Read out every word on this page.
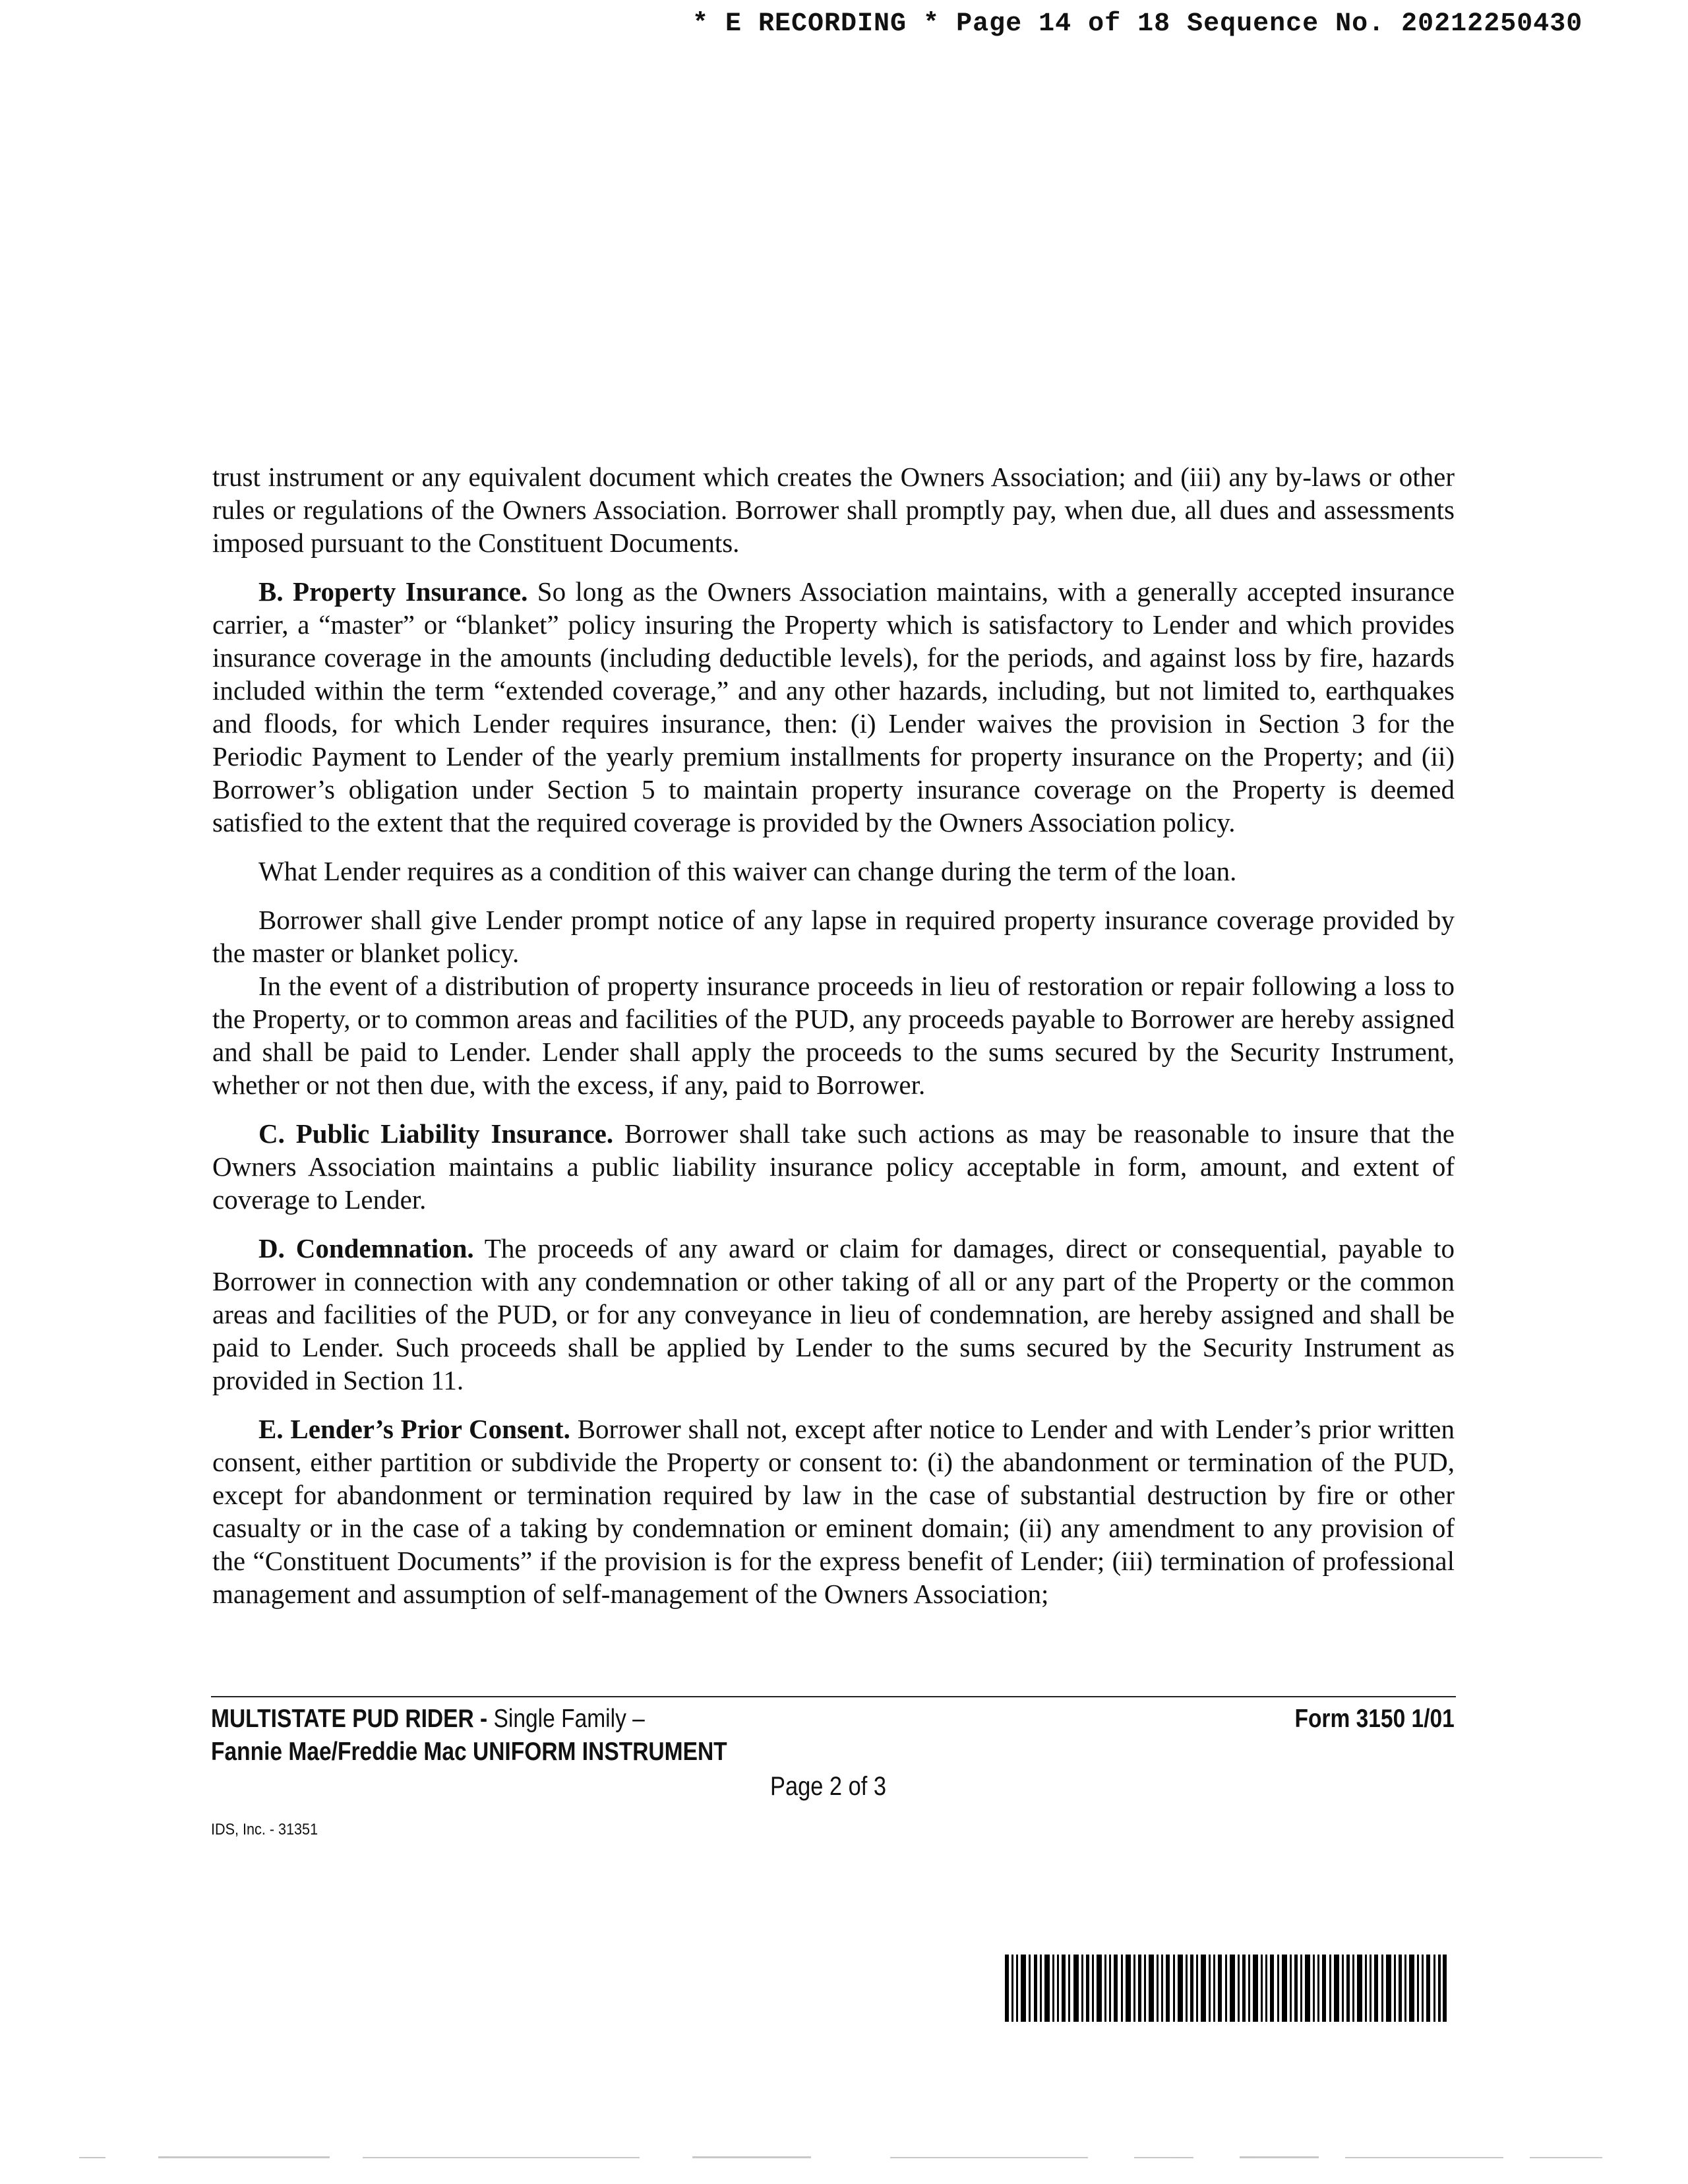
* E RECORDING * Page 14 of 18 Sequence No. 20212250430

trust instrument or any equivalent document which creates the Owners Association; and (iii) any by-laws or other rules or regulations of the Owners Association. Borrower shall promptly pay, when due, all dues and assessments imposed pursuant to the Constituent Documents.

B. Property Insurance. So long as the Owners Association maintains, with a generally accepted insurance carrier, a “master” or “blanket” policy insuring the Property which is satisfactory to Lender and which provides insurance coverage in the amounts (including deductible levels), for the periods, and against loss by fire, hazards included within the term “extended coverage,” and any other hazards, including, but not limited to, earthquakes and floods, for which Lender requires insurance, then: (i) Lender waives the provision in Section 3 for the Periodic Payment to Lender of the yearly premium installments for property insurance on the Property; and (ii) Borrower’s obligation under Section 5 to maintain property insurance coverage on the Property is deemed satisfied to the extent that the required coverage is provided by the Owners Association policy.

What Lender requires as a condition of this waiver can change during the term of the loan.

Borrower shall give Lender prompt notice of any lapse in required property insurance coverage provided by the master or blanket policy.

In the event of a distribution of property insurance proceeds in lieu of restoration or repair following a loss to the Property, or to common areas and facilities of the PUD, any proceeds payable to Borrower are hereby assigned and shall be paid to Lender. Lender shall apply the proceeds to the sums secured by the Security Instrument, whether or not then due, with the excess, if any, paid to Borrower.

C. Public Liability Insurance. Borrower shall take such actions as may be reasonable to insure that the Owners Association maintains a public liability insurance policy acceptable in form, amount, and extent of coverage to Lender.

D. Condemnation. The proceeds of any award or claim for damages, direct or consequential, payable to Borrower in connection with any condemnation or other taking of all or any part of the Property or the common areas and facilities of the PUD, or for any conveyance in lieu of condemnation, are hereby assigned and shall be paid to Lender. Such proceeds shall be applied by Lender to the sums secured by the Security Instrument as provided in Section 11.

E. Lender’s Prior Consent. Borrower shall not, except after notice to Lender and with Lender’s prior written consent, either partition or subdivide the Property or consent to: (i) the abandonment or termination of the PUD, except for abandonment or termination required by law in the case of substantial destruction by fire or other casualty or in the case of a taking by condemnation or eminent domain; (ii) any amendment to any provision of the “Constituent Documents” if the provision is for the express benefit of Lender; (iii) termination of professional management and assumption of self-management of the Owners Association;

MULTISTATE PUD RIDER - Single Family –
Fannie Mae/Freddie Mac UNIFORM INSTRUMENT
Form 3150 1/01
Page 2 of 3
IDS, Inc. - 31351
